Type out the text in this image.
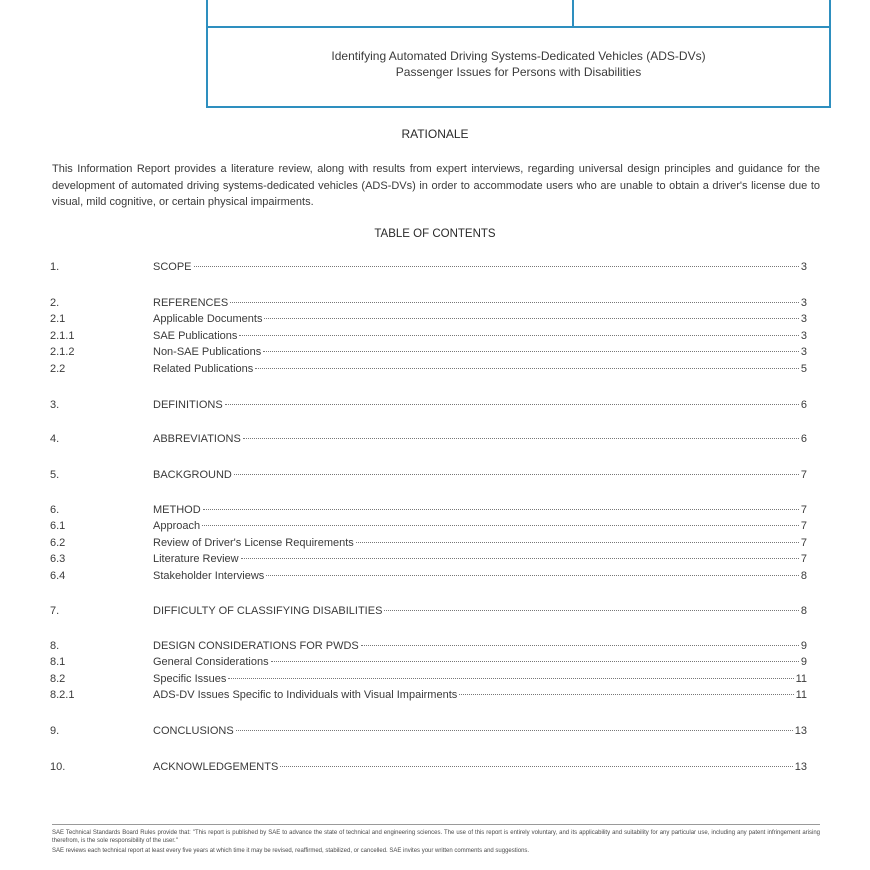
Identifying Automated Driving Systems-Dedicated Vehicles (ADS-DVs)
Passenger Issues for Persons with Disabilities
RATIONALE
This Information Report provides a literature review, along with results from expert interviews, regarding universal design principles and guidance for the development of automated driving systems-dedicated vehicles (ADS-DVs) in order to accommodate users who are unable to obtain a driver's license due to visual, mild cognitive, or certain physical impairments.
TABLE OF CONTENTS
1.	SCOPE	3
2.	REFERENCES	3
2.1	Applicable Documents	3
2.1.1	SAE Publications	3
2.1.2	Non-SAE Publications	3
2.2	Related Publications	5
3.	DEFINITIONS	6
4.	ABBREVIATIONS	6
5.	BACKGROUND	7
6.	METHOD	7
6.1	Approach	7
6.2	Review of Driver's License Requirements	7
6.3	Literature Review	7
6.4	Stakeholder Interviews	8
7.	DIFFICULTY OF CLASSIFYING DISABILITIES	8
8.	DESIGN CONSIDERATIONS FOR PWDS	9
8.1	General Considerations	9
8.2	Specific Issues	11
8.2.1	ADS-DV Issues Specific to Individuals with Visual Impairments	11
9.	CONCLUSIONS	13
10.	ACKNOWLEDGEMENTS	13

SAE Technical Standards Board Rules provide that: "This report is published by SAE to advance the state of technical and engineering sciences. The use of this report is entirely voluntary, and its applicability and suitability for any particular use, including any patent infringement arising therefrom, is the sole responsibility of the user."

SAE reviews each technical report at least every five years at which time it may be revised, reaffirmed, stabilized, or cancelled. SAE invites your written comments and suggestions.
